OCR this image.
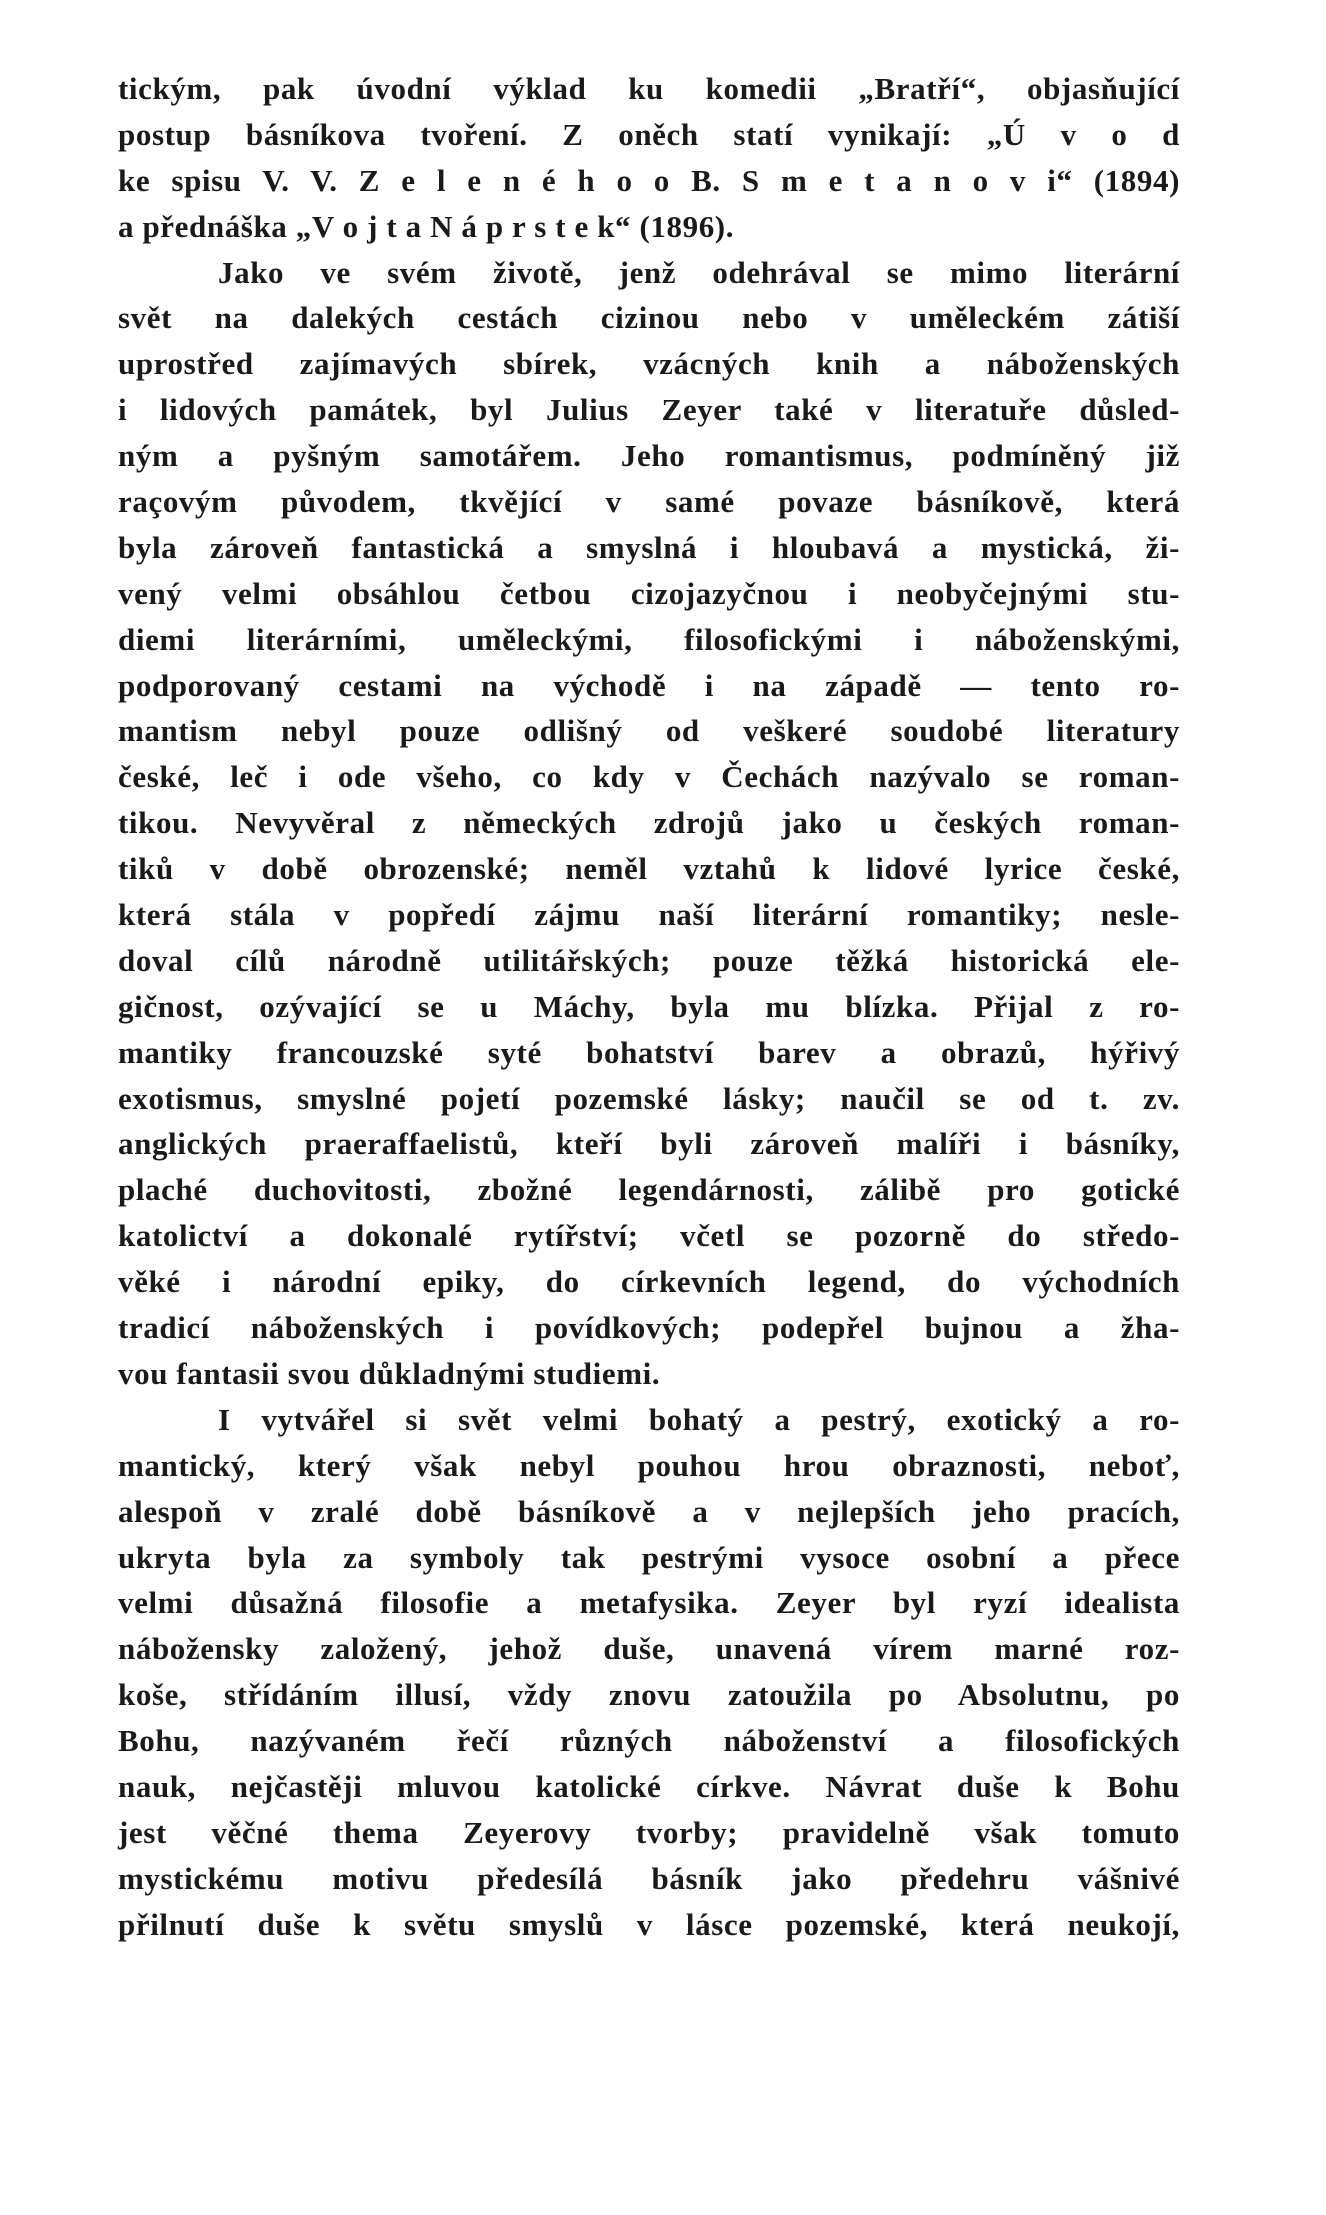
tickým, pak úvodní výklad ku komedii „Bratří“, objasňující
postup básníkova tvoření. Z oněch statí vynikají: „Ú v o d
ke spisu V. V. Z e l e n é h o o B. S m e t a n o v i“ (1894)
a přednáška „V o j t a N á p r s t e k“ (1896).
Jako ve svém životě, jenž odehrával se mimo literární
svět na dalekých cestách cizinou nebo v uměleckém zátiší
uprostřed zajímavých sbírek, vzácných knih a náboženských
i lidových památek, byl Julius Zeyer také v literatuře důsled-
ným a pyšným samotářem. Jeho romantismus, podmíněný již
raçovým původem, tkvějící v samé povaze básníkově, která
byla zároveň fantastická a smyslná i hloubavá a mystická, ži-
vený velmi obsáhlou četbou cizojazyčnou i neobyčejnými stu-
diemi literárními, uměleckými, filosofickými i náboženskými,
podporovaný cestami na východě i na západě — tento ro-
mantism nebyl pouze odlišný od veškeré soudobé literatury
české, leč i ode všeho, co kdy v Čechách nazývalo se roman-
tikou. Nevyvěral z německých zdrojů jako u českých roman-
tiků v době obrozenské; neměl vztahů k lidové lyrice české,
která stála v popředí zájmu naší literární romantiky; nesle-
doval cílů národně utilitářských; pouze těžká historická ele-
gičnost, ozývající se u Máchy, byla mu blízka. Přijal z ro-
mantiky francouzské syté bohatství barev a obrazů, hýřivý
exotismus, smyslné pojetí pozemské lásky; naučil se od t. zv.
anglických praeraffaelistů, kteří byli zároveň malíři i básníky,
plaché duchovitosti, zbožné legendárnosti, zálibě pro gotické
katolictví a dokonalé rytířství; včetl se pozorně do středo-
věké i národní epiky, do církevních legend, do východních
tradicí náboženských i povídkových; podepřel bujnou a žha-
vou fantasii svou důkladnými studiemi.
I vytvářel si svět velmi bohatý a pestrý, exotický a ro-
mantický, který však nebyl pouhou hrou obraznosti, neboť,
alespoň v zralé době básníkově a v nejlepších jeho pracích,
ukryta byla za symboly tak pestrými vysoce osobní a přece
velmi důsažná filosofie a metafysika. Zeyer byl ryzí idealista
nábožensky založený, jehož duše, unavená vírem marné roz-
koše, střídáním illusí, vždy znovu zatoužila po Absolutnu, po
Bohu, nazývaném řečí různých náboženství a filosofických
nauk, nejčastěji mluvou katolické církve. Návrat duše k Bohu
jest věčné thema Zeyerovy tvorby; pravidelně však tomuto
mystickému motivu předesílá básník jako předehru vášnivé
přilnutí duše k světu smyslů v lásce pozemské, která neukojí,
